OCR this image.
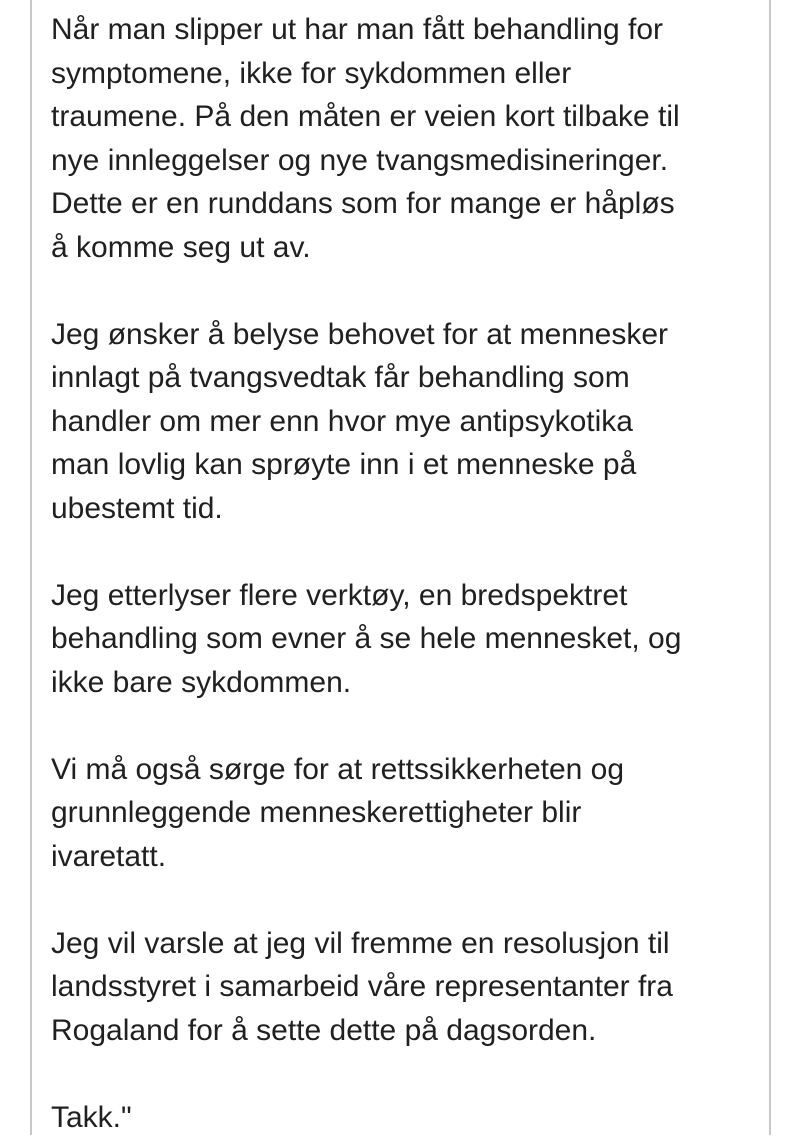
Når man slipper ut har man fått behandling for
symptomene, ikke for sykdommen eller
traumene. På den måten er veien kort tilbake til
nye innleggelser og nye tvangsmedisineringer.
Dette er en runddans som for mange er håpløs
å komme seg ut av.

Jeg ønsker å belyse behovet for at mennesker
innlagt på tvangsvedtak får behandling som
handler om mer enn hvor mye antipsykotika
man lovlig kan sprøyte inn i et menneske på
ubestemt tid.

Jeg etterlyser flere verktøy, en bredspektret
behandling som evner å se hele mennesket, og
ikke bare sykdommen.

Vi må også sørge for at rettssikkerheten og
grunnleggende menneskerettigheter blir
ivaretatt.

Jeg vil varsle at jeg vil fremme en resolusjon til
landsstyret i samarbeid våre representanter fra
Rogaland for å sette dette på dagsorden.

Takk."
